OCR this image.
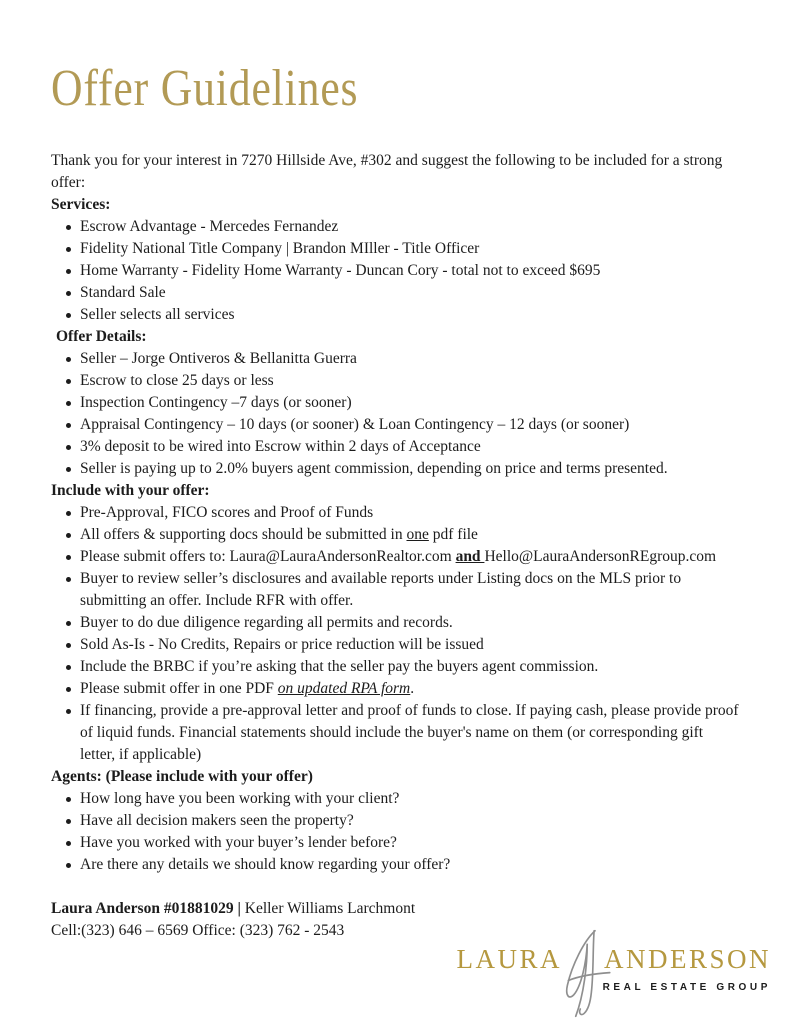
Offer Guidelines

Thank you for your interest in 7270 Hillside Ave, #302 and suggest the following to be included for a strong offer:

Services:
Escrow Advantage - Mercedes Fernandez
Fidelity National Title Company | Brandon MIller - Title Officer
Home Warranty - Fidelity Home Warranty - Duncan Cory - total not to exceed $695
Standard Sale
Seller selects all services
Offer Details:
Seller – Jorge Ontiveros & Bellanitta Guerra
Escrow to close 25 days or less
Inspection Contingency –7 days (or sooner)
Appraisal Contingency – 10 days (or sooner) & Loan Contingency – 12 days (or sooner)
3% deposit to be wired into Escrow within 2 days of Acceptance
Seller is paying up to 2.0% buyers agent commission, depending on price and terms presented.
Include with your offer:
Pre-Approval, FICO scores and Proof of Funds
All offers & supporting docs should be submitted in one pdf file
Please submit offers to: Laura@LauraAndersonRealtor.com and Hello@LauraAndersonREgroup.com
Buyer to review seller’s disclosures and available reports under Listing docs on the MLS prior to submitting an offer. Include RFR with offer.
Buyer to do due diligence regarding all permits and records.
Sold As-Is - No Credits, Repairs or price reduction will be issued
Include the BRBC if you’re asking that the seller pay the buyers agent commission.
Please submit offer in one PDF on updated RPA form.
If financing, provide a pre-approval letter and proof of funds to close. If paying cash, please provide proof of liquid funds. Financial statements should include the buyer's name on them (or corresponding gift letter, if applicable)
Agents: (Please include with your offer)
How long have you been working with your client?
Have all decision makers seen the property?
Have you worked with your buyer’s lender before?
Are there any details we should know regarding your offer?

Laura Anderson #01881029 | Keller Williams Larchmont

Cell:(323) 646 – 6569 Office: (323) 762 - 2543

LAURA ANDERSON
REAL ESTATE GROUP
